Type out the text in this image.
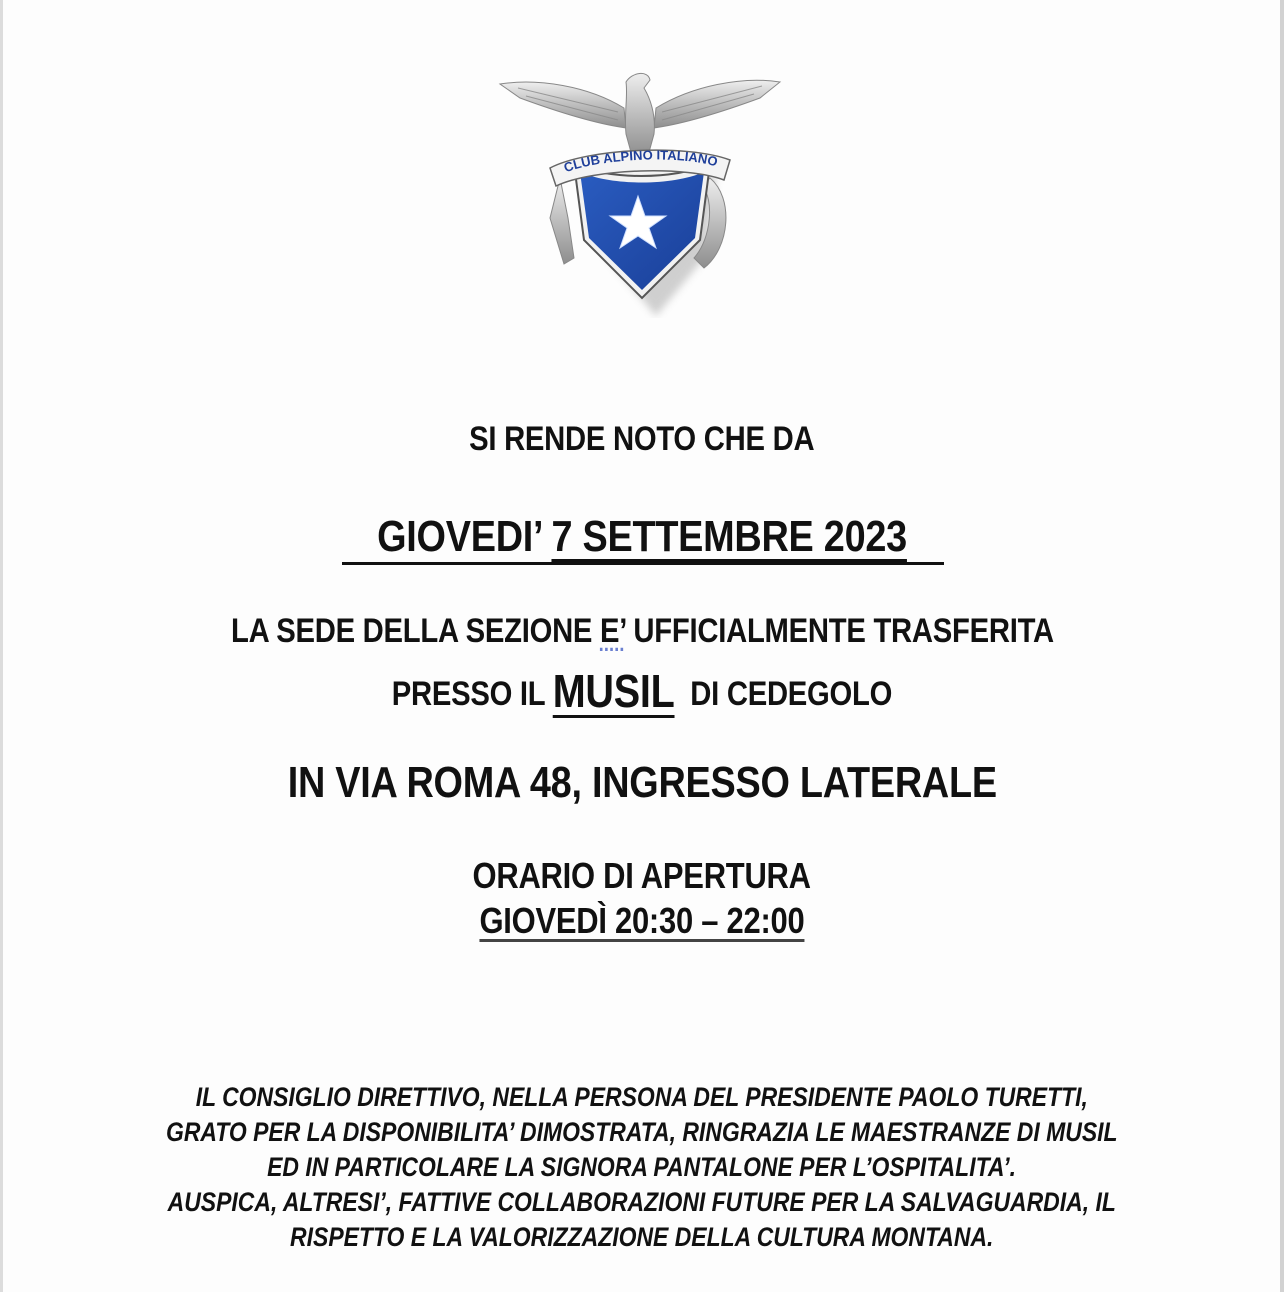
CLUB ALPINO ITALIANO
SI RENDE NOTO CHE DA
GIOVEDI’ 7 SETTEMBRE 2023
LA SEDE DELLA SEZIONE E’ UFFICIALMENTE TRASFERITA
PRESSO IL MUSIL  DI CEDEGOLO
IN VIA ROMA 48, INGRESSO LATERALE
ORARIO DI APERTURA
GIOVEDÌ 20:30 – 22:00
IL CONSIGLIO DIRETTIVO, NELLA PERSONA DEL PRESIDENTE PAOLO TURETTI,
GRATO PER LA DISPONIBILITA’ DIMOSTRATA, RINGRAZIA LE MAESTRANZE DI MUSIL
ED IN PARTICOLARE LA SIGNORA PANTALONE PER L’OSPITALITA’.
AUSPICA, ALTRESI’, FATTIVE COLLABORAZIONI FUTURE PER LA SALVAGUARDIA, IL
RISPETTO E LA VALORIZZAZIONE DELLA CULTURA MONTANA.
